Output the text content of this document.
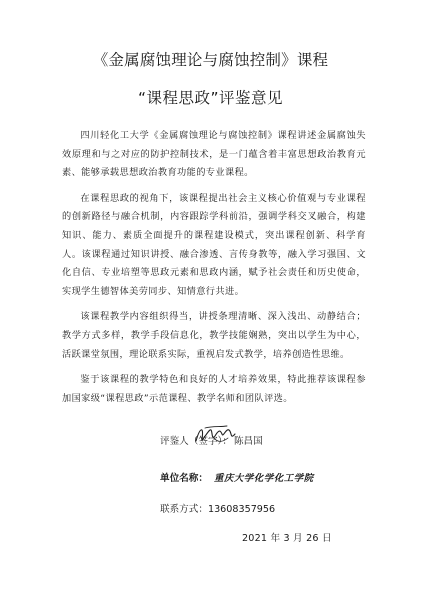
《金属腐蚀理论与腐蚀控制》课程
“课程思政”评鉴意见

四川轻化工大学《金属腐蚀理论与腐蚀控制》课程讲述金属腐蚀失效原理和与之对应的防护控制技术，是一门蕴含着丰富思想政治教育元素、能够承载思想政治教育功能的专业课程。

在课程思政的视角下，该课程提出社会主义核心价值观与专业课程的创新路径与融合机制，内容跟踪学科前沿，强调学科交叉融合，构建知识、能力、素质全面提升的课程建设模式，突出课程创新、科学育人。该课程通过知识讲授、融合渗透、言传身教等，融入学习强国、文化自信、专业培塑等思政元素和思政内涵，赋予社会责任和历史使命，实现学生德智体美劳同步、知情意行共进。

该课程教学内容组织得当，讲授条理清晰、深入浅出、动静结合；教学方式多样，教学手段信息化，教学技能娴熟，突出以学生为中心，活跃课堂氛围，理论联系实际，重视启发式教学，培养创造性思维。

鉴于该课程的教学特色和良好的人才培养效果，特此推荐该课程参加国家级“课程思政”示范课程、教学名师和团队评选。

评鉴人（签字）： 陈昌国
单位名称： 重庆大学化学化工学院
联系方式：13608357956
2021 年 3 月 26 日
